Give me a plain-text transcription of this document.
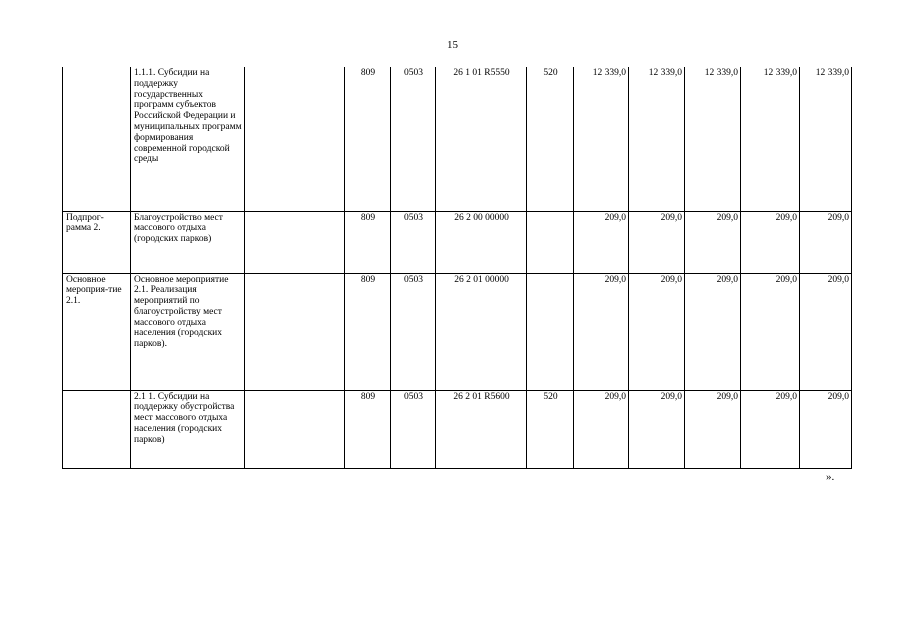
15
	1.1.1. Субсидии на поддержку государственных программ субъектов Российской Федерации и муниципальных программ формирования современной городской среды		809	0503	26 1 01 R5550	520	12 339,0	12 339,0	12 339,0	12 339,0	12 339,0
Подпрог-рамма 2.	Благоустройство мест массового отдыха (городских парков)		809	0503	26 2 00 00000		209,0	209,0	209,0	209,0	209,0
Основное мероприя-тие 2.1.	Основное мероприятие 2.1. Реализация мероприятий по благоустройству мест массового отдыха населения (городских парков).		809	0503	26 2 01 00000		209,0	209,0	209,0	209,0	209,0
	2.1 1. Субсидии на поддержку обустройства мест массового отдыха населения (городских парков)		809	0503	26 2 01 R5600	520	209,0	209,0	209,0	209,0	209,0
».
